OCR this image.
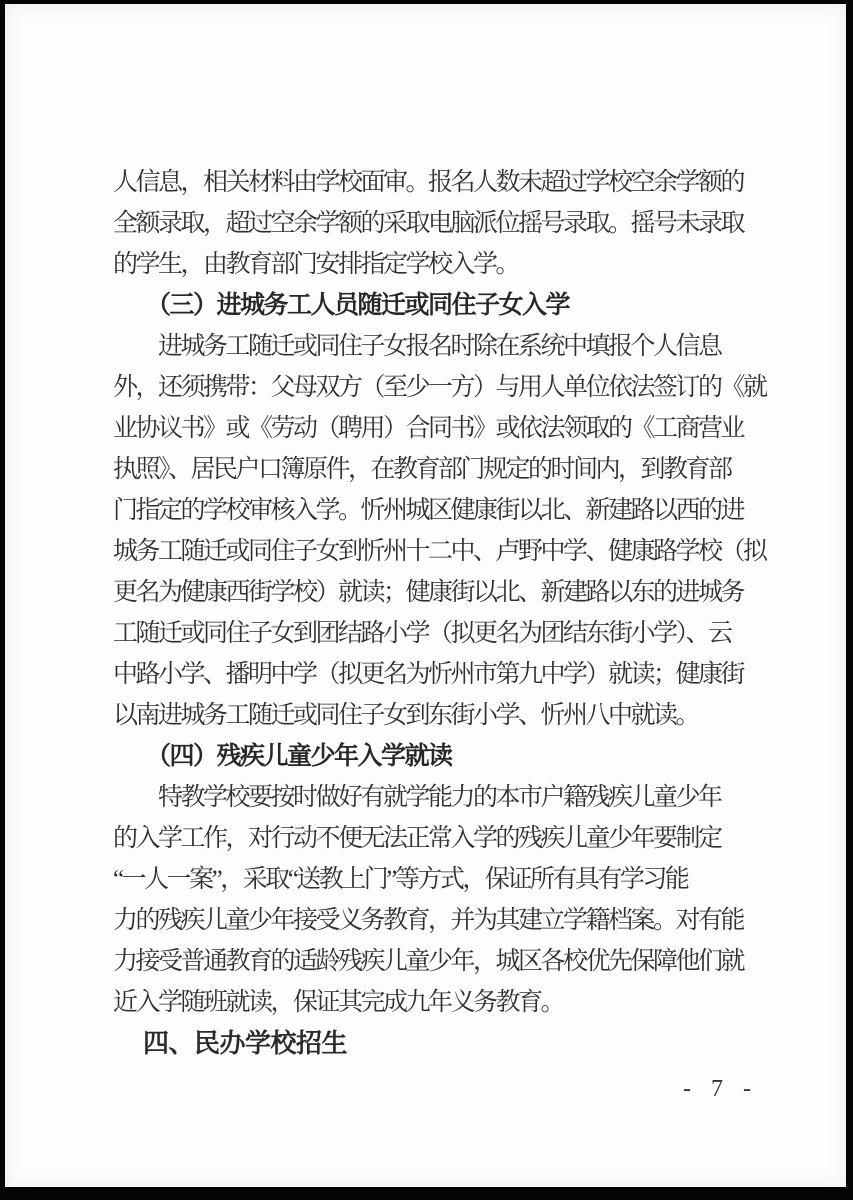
人信息，相关材料由学校面审。报名人数未超过学校空余学额的
全额录取，超过空余学额的采取电脑派位摇号录取。摇号未录取
的学生，由教育部门安排指定学校入学。
（三）进城务工人员随迁或同住子女入学
进城务工随迁或同住子女报名时除在系统中填报个人信息
外，还须携带：父母双方（至少一方）与用人单位依法签订的《就
业协议书》或《劳动（聘用）合同书》或依法领取的《工商营业
执照》、居民户口簿原件，在教育部门规定的时间内，到教育部
门指定的学校审核入学。忻州城区健康街以北、新建路以西的进
城务工随迁或同住子女到忻州十二中、卢野中学、健康路学校（拟
更名为健康西街学校）就读；健康街以北、新建路以东的进城务
工随迁或同住子女到团结路小学（拟更名为团结东街小学）、云
中路小学、播明中学（拟更名为忻州市第九中学）就读；健康街
以南进城务工随迁或同住子女到东街小学、忻州八中就读。
（四）残疾儿童少年入学就读
特教学校要按时做好有就学能力的本市户籍残疾儿童少年
的入学工作，对行动不便无法正常入学的残疾儿童少年要制定
“一人一案”，采取“送教上门”等方式，保证所有具有学习能
力的残疾儿童少年接受义务教育，并为其建立学籍档案。对有能
力接受普通教育的适龄残疾儿童少年，城区各校优先保障他们就
近入学随班就读，保证其完成九年义务教育。
四、民办学校招生
- 7 -
